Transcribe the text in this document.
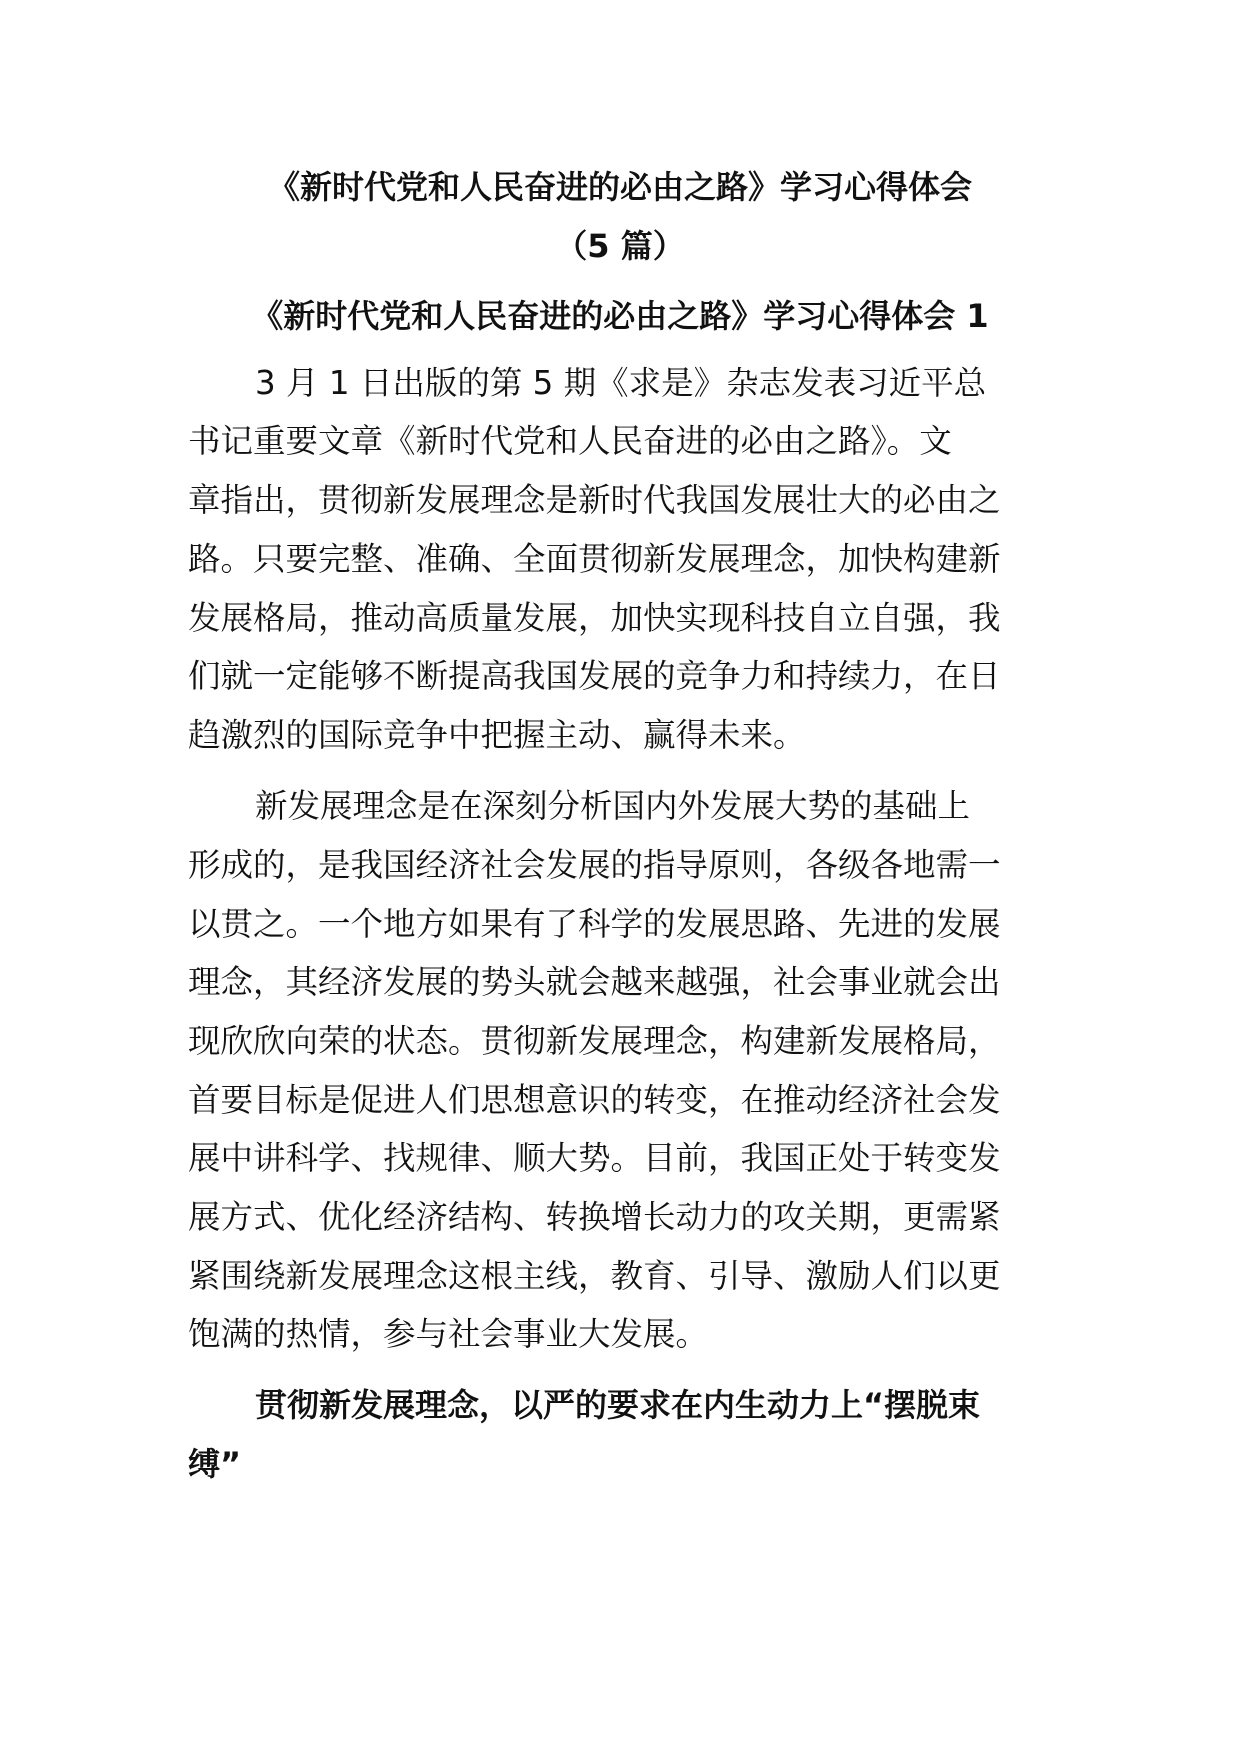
《新时代党和人民奋进的必由之路》学习心得体会
（5 篇）
《新时代党和人民奋进的必由之路》学习心得体会 1
3 月 1 日出版的第 5 期《求是》杂志发表习近平总
书记重要文章《新时代党和人民奋进的必由之路》。文
章指出，贯彻新发展理念是新时代我国发展壮大的必由之
路。只要完整、准确、全面贯彻新发展理念，加快构建新
发展格局，推动高质量发展，加快实现科技自立自强，我
们就一定能够不断提高我国发展的竞争力和持续力，在日
趋激烈的国际竞争中把握主动、赢得未来。
新发展理念是在深刻分析国内外发展大势的基础上
形成的，是我国经济社会发展的指导原则，各级各地需一
以贯之。一个地方如果有了科学的发展思路、先进的发展
理念，其经济发展的势头就会越来越强，社会事业就会出
现欣欣向荣的状态。贯彻新发展理念，构建新发展格局，
首要目标是促进人们思想意识的转变，在推动经济社会发
展中讲科学、找规律、顺大势。目前，我国正处于转变发
展方式、优化经济结构、转换增长动力的攻关期，更需紧
紧围绕新发展理念这根主线，教育、引导、激励人们以更
饱满的热情，参与社会事业大发展。
贯彻新发展理念，以严的要求在内生动力上“摆脱束
缚”
